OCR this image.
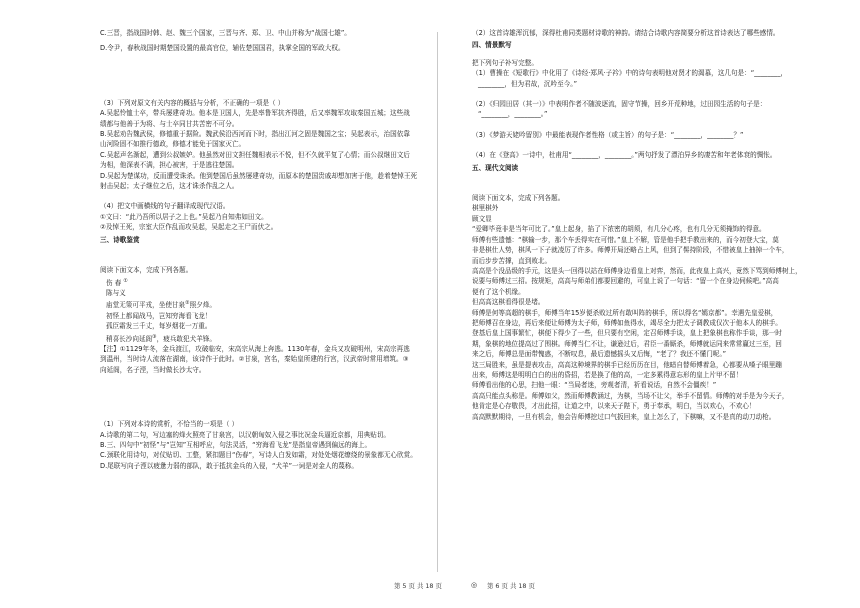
C.三晋，指战国时韩、赵、魏三个国家，三晋与齐、郑、卫、中山并称为“战国七雄”。

D.令尹，春秋战国时期楚国设置的最高官位，辅佐楚国国君，执掌全国的军政大权。

（3）下列对原文有关内容的概括与分析，不正确的一项是（ ）

A.吴起怜恤士卒，带兵屡建奇功。他本是卫国人，先是率鲁军抗齐得胜，后又率魏军攻取秦国五城；这些战

绩都与他善于为将、与士卒同甘共苦密不可分。

B.吴起劝告魏武侯，修德重于据险。魏武侯沿西河而下时，指出江河之固是魏国之宝；吴起表示，治国依靠

山河险固不如推行德政，修德才能免于国家灭亡。

C.吴起声名渐起，遭到公叔嫉妒。他虽然对田文担任魏相表示不悦，但不久就平复了心情；而公叔继田文后

为相，他深表不满，担心被害，于是逃往楚国。

D.吴起为楚谋功，反而遭受诛杀。他到楚国后虽然屡建奇功，而原本的楚国贵戚却想加害于他，趁着楚悼王死

射击吴起；太子继位之后，这才诛杀作乱之人。

（4）把文中画横线的句子翻译成现代汉语。

①文曰：“此乃吾所以居子之上也。”吴起乃自知弗如田文。

②及悼王死，宗室大臣作乱而攻吴起，吴起走之王尸而伏之。

三、诗歌鉴赏

阅读下面文本，完成下列各题。

伤 春 ①

陈与义

庙堂无策可平戎，坐使甘泉②照夕烽。

初怪上都闻战马，岂知穷海看飞龙！

孤臣霜发三千丈，每岁烟花一万重。

稍喜长沙向延阁③，疲兵敢犯犬羊锋。

【注】①1129年冬，金兵渡江，攻破临安，宋高宗从海上奔逃。1130年春，金兵又攻破明州，宋高宗再逃

到温州，当时诗人流落在湖南，该诗作于此时。②甘泉，宫名，秦始皇所建的行宫，汉武帝时常用增筑。③

向延阁，名子湮，当时做长沙太守。

（1）下列对本诗的赏析，不恰当的一项是（ ）

A.诗歌的第二句，写边塞的烽火照亮了甘泉宫，以汉朝匈奴入侵之事比况金兵逼近京都，用典贴切。

B.三、四句中“初怪”与“岂知”互相呼应，句法灵活，“穷海看飞龙”是指皇帝遇到偏远的海上。

C.颈联化用诗句，对仗贴切、工整，紧扣题目“伤春”，写诗人白发如霜，对处处烟花缭绕的景象都无心欣赏。

D.尾联写向子湮以疲惫力弱的部队，敢于抵抗金兵的入侵，“犬羊”一词是对金人的蔑称。

（2）这首诗雄浑沉郁，深得杜甫同类题材诗歌的神韵。请结合诗歌内容简要分析这首诗表达了哪些感情。

四、情景默写

把下列句子补写完整。

（1）曹操在《短歌行》中化用了《诗经·郑风·子衿》中的诗句表明他对贤才的渴慕，这几句是：“________，

________，但为君故，沉吟至今。”

（2）《归园田居（其一）》中表明作者不随波逐流，固守节操，回乡开荒种地，过田园生活的句子是：

“________，________。”

（3）《梦游天姥吟留别》中最能表现作者性格（或主旨）的句子是：“________，________？”

（4）在《登高》一诗中，杜甫用“________，________。”两句抒发了漂泊异乡的凄苦和年老体衰的惆怅。

五、现代文阅读

阅读下面文本，完成下列各题。

棋里棋外

顾文显

“爱卿毕竟非是当年可比了。”皇上起身，掐了下浓密的胡须，有几分心疼，也有几分无须掩饰的得意。

师傅有些遗憾：“棋输一步，那个车丢得实在可惜。”皇上不解，管是他手把手教出来的，而今初登大宝，莫

非是棋仕人势，棋风一下子就凌厉了许多。师傅开局还略占上风，但到了髻持阶段，不惜被皇上抽掉一个车，

而后步步苦撑，直到败北。

高高是个没品级的手元，这是头一回得以站在师傅身边看皇上对弈，然而，此夜皇上高兴，竟然下骂到师傅树上，

说要与师傅过三招。按规矩，高高与师弟们都要回避的，可皇上说了一句话：“留一个在身边伺候吧。”高高

便有了这个机缘。

但高高这棋看得很是堵。

师傅是何等高超的棋手，师傅当年15岁便杀败过所有敢叫阵的棋手，所以得名“嫣京都”。幸遇先皇爱棋，

把师傅召在身边，再后来便让师傅为太子师，师傅如鱼得水，竭尽全力把太子调教成仅次于他本人的棋手。

登基后皇上国事繁忙，棋便下得少了一些，但只要有空闲，定召师傅手谈，皇上把象棋也称作手谈，那一时

期，象棋的地位提高过了围棋。师傅当仁不让，谦逊过后，君臣一番厮杀，师傅就运同来常常赢过三至，回

来之后，师傅总是面带愧惑，不断叹息，最后遗憾摇头又后悔，“老了？我还不懂门呢。”

这三局胜来，虽是提表攻击，高高这种境界的棋手已经历历在目，他暗自替师傅着急，心都要从嗓子眼里蹦

出来，师傅这是明明白白的出的昏招，若是换了他的高，一定多累得意忘形的皇上片甲不留！

师傅看出他的心思，扫他一眼：“当局者迷，旁观者清，祈看说话，自然不会僵疾！”

高高只能点头称是。师傅如父，然而师傅教涵过，为棋，当场不让父，举手不留情。师傅的对手是为今天子，

他肯定是心存敬畏，才出此招，让道之中，以来天子陛下，勇于奉承，明白，当以欢心，不欢心！

高高默默期待，一旦有机会，他会告师傅挖过口气扳回来，皇上怎么了，下棋嘛，又不是真的动刀动枪。

第 5 页 共 18 页	◎ 第 6 页 共 18 页
